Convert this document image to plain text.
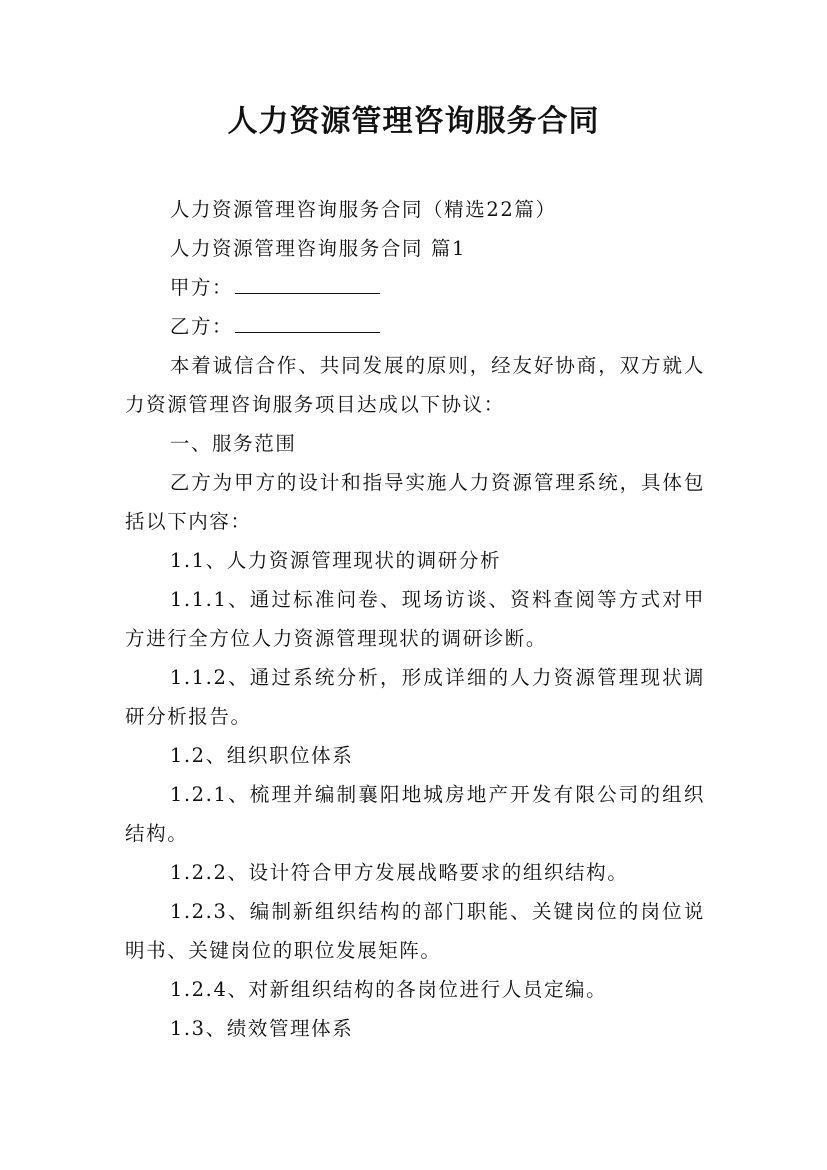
人力资源管理咨询服务合同

人力资源管理咨询服务合同（精选22篇）

人力资源管理咨询服务合同 篇1

甲方：

乙方：

本着诚信合作、共同发展的原则，经友好协商，双方就人力资源管理咨询服务项目达成以下协议：

一、服务范围

乙方为甲方的设计和指导实施人力资源管理系统，具体包括以下内容：

1.1、人力资源管理现状的调研分析

1.1.1、通过标准问卷、现场访谈、资料查阅等方式对甲方进行全方位人力资源管理现状的调研诊断。

1.1.2、通过系统分析，形成详细的人力资源管理现状调研分析报告。

1.2、组织职位体系

1.2.1、梳理并编制襄阳地城房地产开发有限公司的组织结构。

1.2.2、设计符合甲方发展战略要求的组织结构。

1.2.3、编制新组织结构的部门职能、关键岗位的岗位说明书、关键岗位的职位发展矩阵。

1.2.4、对新组织结构的各岗位进行人员定编。

1.3、绩效管理体系
